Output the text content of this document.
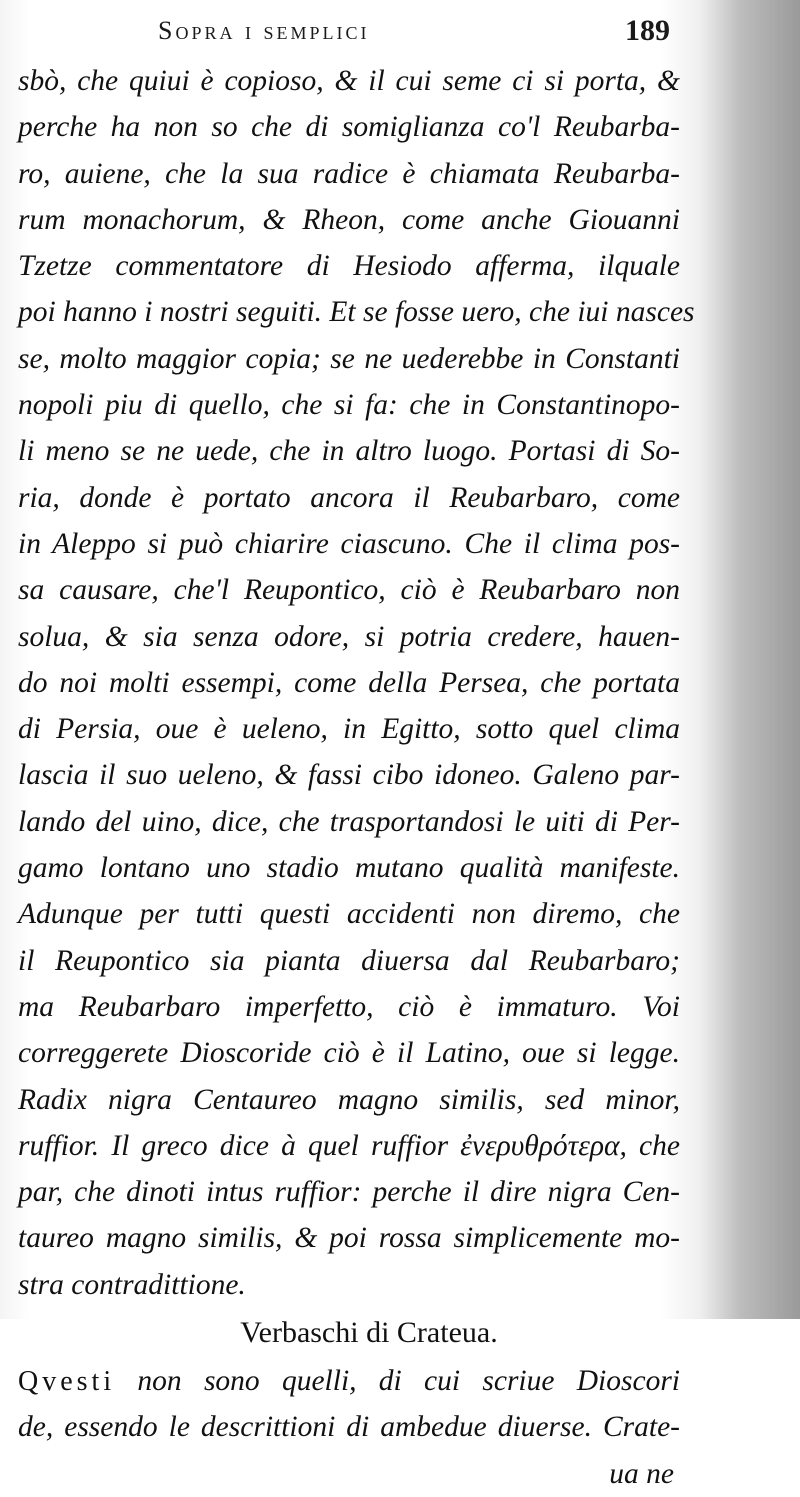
Sopra i semplici	189
sbò, che quiui è copioso, & il cui seme ci si porta, &
perche ha non so che di somiglianza co'l Reubarba-
ro, auiene, che la sua radice è chiamata Reubarba-
rum monachorum, & Rheon, come anche Giouanni
Tzetze commentatore di Hesiodo afferma, ilquale
poi hanno i nostri seguiti. Et se fosse uero, che iui nasces
se, molto maggior copia; se ne uederebbe in Constanti
nopoli piu di quello, che si fa: che in Constantinopo-
li meno se ne uede, che in altro luogo. Portasi di So-
ria, donde è portato ancora il Reubarbaro, come
in Aleppo si può chiarire ciascuno. Che il clima pos-
sa causare, che'l Reupontico, ciò è Reubarbaro non
solua, & sia senza odore, si potria credere, hauen-
do noi molti essempi, come della Persea, che portata
di Persia, oue è ueleno, in Egitto, sotto quel clima
lascia il suo ueleno, & fassi cibo idoneo. Galeno par-
lando del uino, dice, che trasportandosi le uiti di Per-
gamo lontano uno stadio mutano qualità manifeste.
Adunque per tutti questi accidenti non diremo, che
il Reupontico sia pianta diuersa dal Reubarbaro;
ma Reubarbaro imperfetto, ciò è immaturo. Voi
correggerete Dioscoride ciò è il Latino, oue si legge.
Radix nigra Centaureo magno similis, sed minor,
ruffior. Il greco dice à quel ruffior ἐνερυθρότερα, che
par, che dinoti intus ruffior: perche il dire nigra Cen-
taureo magno similis, & poi rossa simplicemente mo-
stra contradittione.
Verbaschi di Crateua.
Qvesti non sono quelli, di cui scriue Dioscori
de, essendo le descrittioni di ambedue diuerse. Crate-
ua ne
